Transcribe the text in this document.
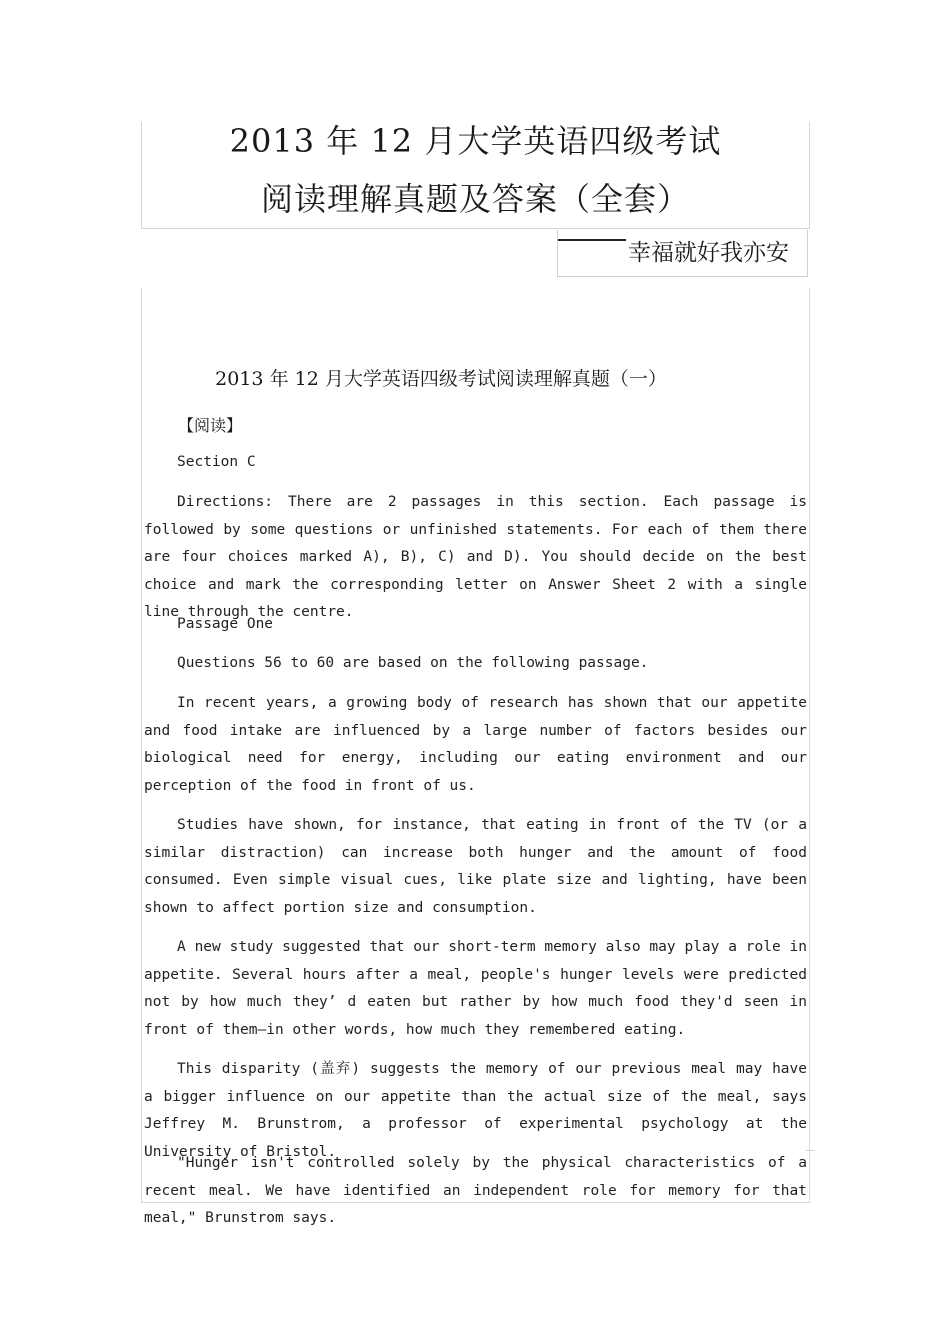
2013 年 12 月大学英语四级考试
阅读理解真题及答案（全套）
幸福就好我亦安
2013 年 12 月大学英语四级考试阅读理解真题（一）
【阅读】
Section C

Directions: There are 2 passages in this section. Each passage is followed by some questions or unfinished statements. For each of them there are four choices marked A), B), C) and D). You should decide on the best choice and mark the corresponding letter on Answer Sheet 2 with a single line through the centre.

Passage One
Questions 56 to 60 are based on the following passage.

In recent years, a growing body of research has shown that our appetite and food intake are influenced by a large number of factors besides our biological need for energy, including our eating environment and our perception of the food in front of us.

Studies have shown, for instance, that eating in front of the TV (or a similar distraction) can increase both hunger and the amount of food consumed. Even simple visual cues, like plate size and lighting, have been shown to affect portion size and consumption.

A new study suggested that our short-term memory also may play a role in appetite. Several hours after a meal, people's hunger levels were predicted not by how much they’ d eaten but rather by how much food they'd seen in front of them—in other words, how much they remembered eating.

This disparity (盖弃) suggests the memory of our previous meal may have a bigger influence on our appetite than the actual size of the meal, says Jeffrey M. Brunstrom, a professor of experimental psychology at the University of Bristol.

"Hunger isn't controlled solely by the physical characteristics of a recent meal. We have identified an independent role for memory for that meal," Brunstrom says.
